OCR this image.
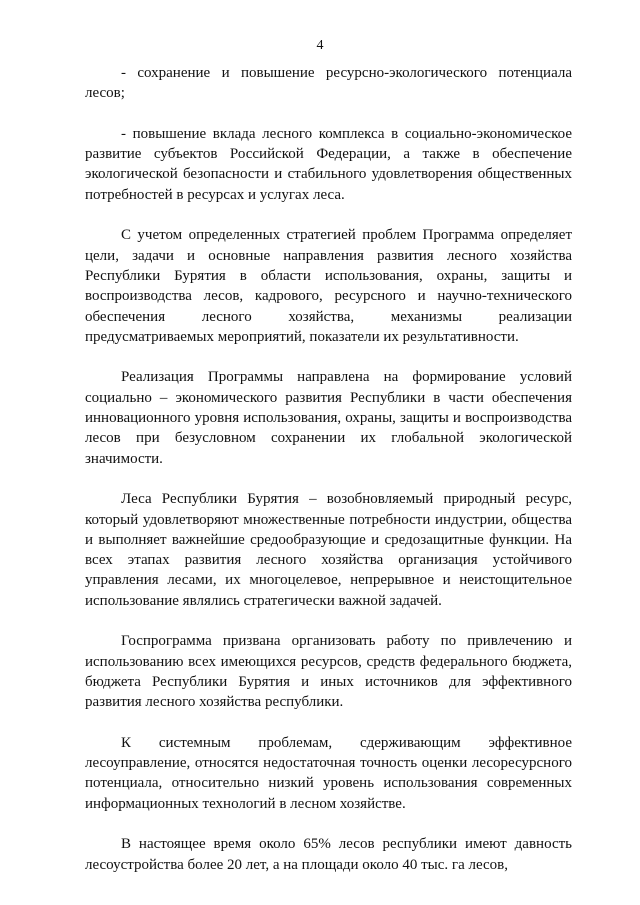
4

- сохранение и повышение ресурсно-экологического потенциала лесов;

- повышение вклада лесного комплекса в социально-экономическое развитие субъектов Российской Федерации, а также в обеспечение экологической безопасности и стабильного удовлетворения общественных потребностей в ресурсах и услугах леса.

С учетом определенных стратегией проблем Программа определяет цели, задачи и основные направления развития лесного хозяйства Республики Бурятия в области использования, охраны, защиты и воспроизводства лесов, кадрового, ресурсного и научно-технического обеспечения лесного хозяйства, механизмы реализации предусматриваемых мероприятий, показатели их результативности.

Реализация Программы направлена на формирование условий социально – экономического развития Республики в части обеспечения инновационного уровня использования, охраны, защиты и воспроизводства лесов при безусловном сохранении их глобальной экологической значимости.

Леса Республики Бурятия – возобновляемый природный ресурс, который удовлетворяют множественные потребности индустрии, общества и выполняет важнейшие средообразующие и средозащитные функции. На всех этапах развития лесного хозяйства организация устойчивого управления лесами, их многоцелевое, непрерывное и неистощительное использование являлись стратегически важной задачей.

Госпрограмма призвана организовать работу по привлечению и использованию всех имеющихся ресурсов, средств федерального бюджета, бюджета Республики Бурятия и иных источников для эффективного развития лесного хозяйства республики.

К системным проблемам, сдерживающим эффективное лесоуправление, относятся недостаточная точность оценки лесоресурсного потенциала, относительно низкий уровень использования современных информационных технологий в лесном хозяйстве.

В настоящее время около 65% лесов республики имеют давность лесоустройства более 20 лет, а на площади около 40 тыс. га лесов,
